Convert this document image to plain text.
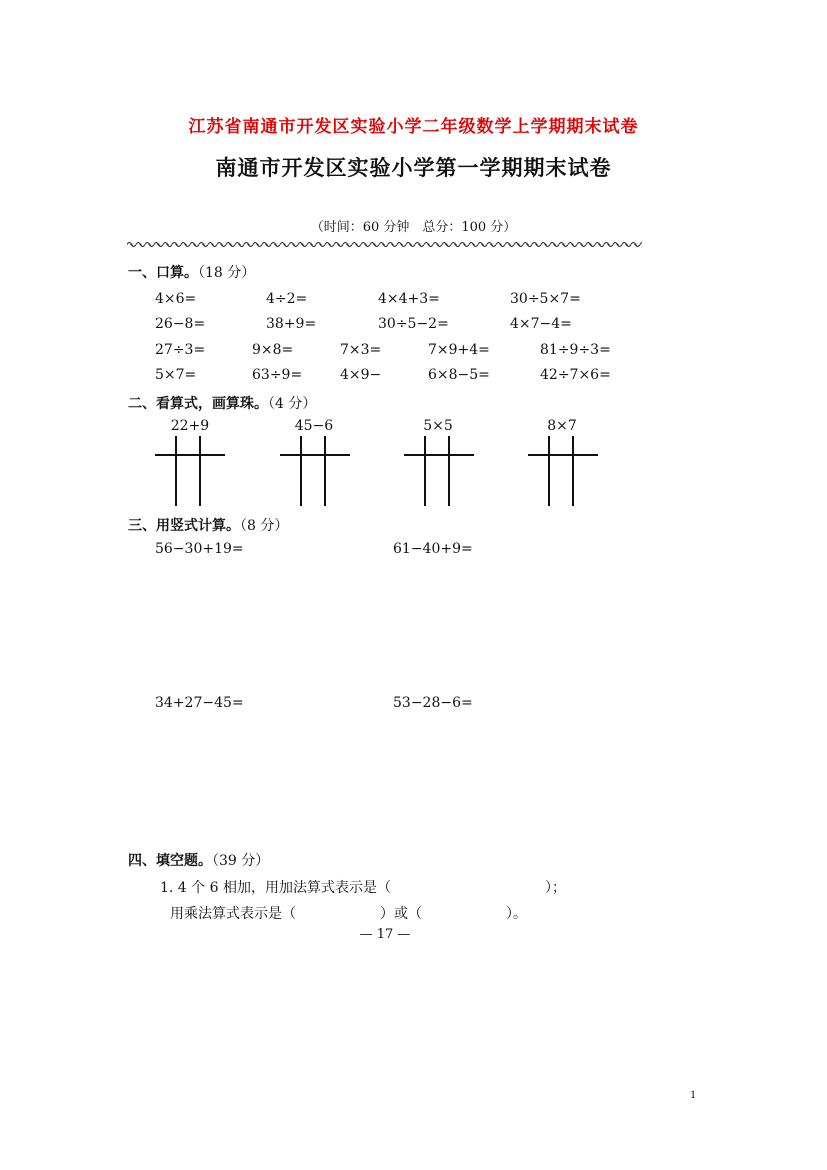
江苏省南通市开发区实验小学二年级数学上学期期末试卷
南通市开发区实验小学第一学期期末试卷
（时间：60 分钟　总分：100 分）
一、口算。（18 分）
4×6=	4÷2=	4×4+3=	30÷5×7=
26−8=	38+9=	30÷5−2=	4×7−4=
27÷3=	9×8=	7×3=	7×9+4=	81÷9÷3=
5×7=	63÷9=	4×9−	6×8−5=	42÷7×6=
二、看算式，画算珠。（4 分）
22+9	45−6	5×5	8×7
三、用竖式计算。（8 分）
56−30+19=	61−40+9=
34+27−45=	53−28−6=
四、填空题。（39 分）
1. 4 个 6 相加，用加法算式表示是（　　　　　　　　　　　）；
用乘法算式表示是（　　　　　　）或（　　　　　　）。
— 17 —
1
